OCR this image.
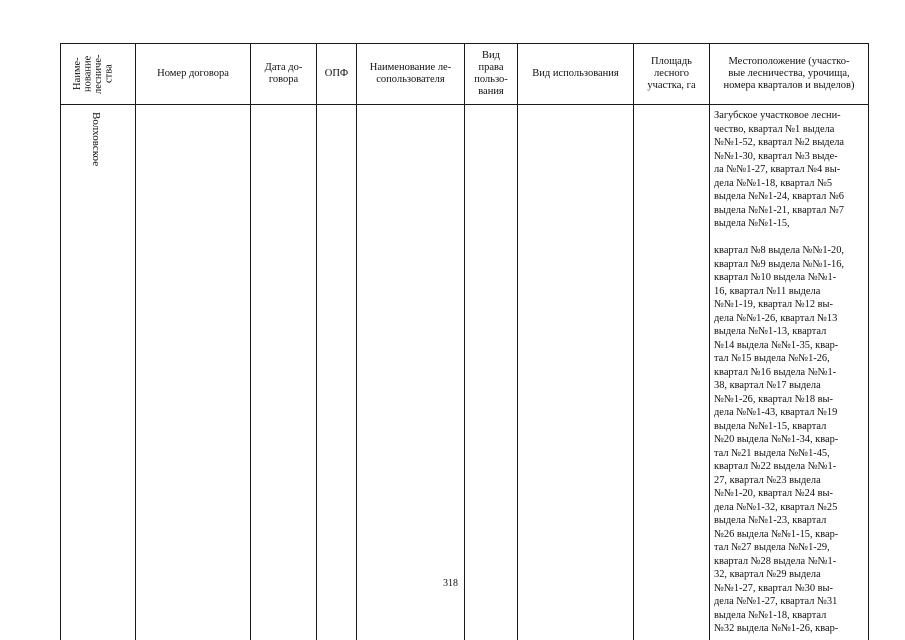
Наиме-
нование
лесниче-
ства	Номер договора
Дата до-
говора
ОПФ
Наименование ле-
сопользователя
Вид
права
пользо-
вания
Вид использования
Площадь
лесного
участка, га
Местоположение (участко-
вые лесничества, урочища,
номера кварталов и выделов)
Волховское	Загубское участковое лесни-
чество, квартал №1 выдела
№№1-52, квартал №2 выдела
№№1-30, квартал №3 выде-
ла №№1-27, квартал №4 вы-
дела №№1-18, квартал №5
выдела №№1-24, квартал №6
выдела №№1-21, квартал №7
выдела №№1-15,

квартал №8 выдела №№1-20,
квартал №9 выдела №№1-16,
квартал №10 выдела №№1-
16, квартал №11 выдела
№№1-19, квартал №12 вы-
дела №№1-26, квартал №13
выдела №№1-13, квартал
№14 выдела №№1-35, квар-
тал №15 выдела №№1-26,
квартал №16 выдела №№1-
38, квартал №17 выдела
№№1-26, квартал №18 вы-
дела №№1-43, квартал №19
выдела №№1-15, квартал
№20 выдела №№1-34, квар-
тал №21 выдела №№1-45,
квартал №22 выдела №№1-
27, квартал №23 выдела
№№1-20, квартал №24 вы-
дела №№1-32, квартал №25
выдела №№1-23, квартал
№26 выдела №№1-15, квар-
тал №27 выдела №№1-29,
квартал №28 выдела №№1-
32, квартал №29 выдела
№№1-27, квартал №30 вы-
дела №№1-27, квартал №31
выдела №№1-18, квартал
№32 выдела №№1-26, квар-

318
